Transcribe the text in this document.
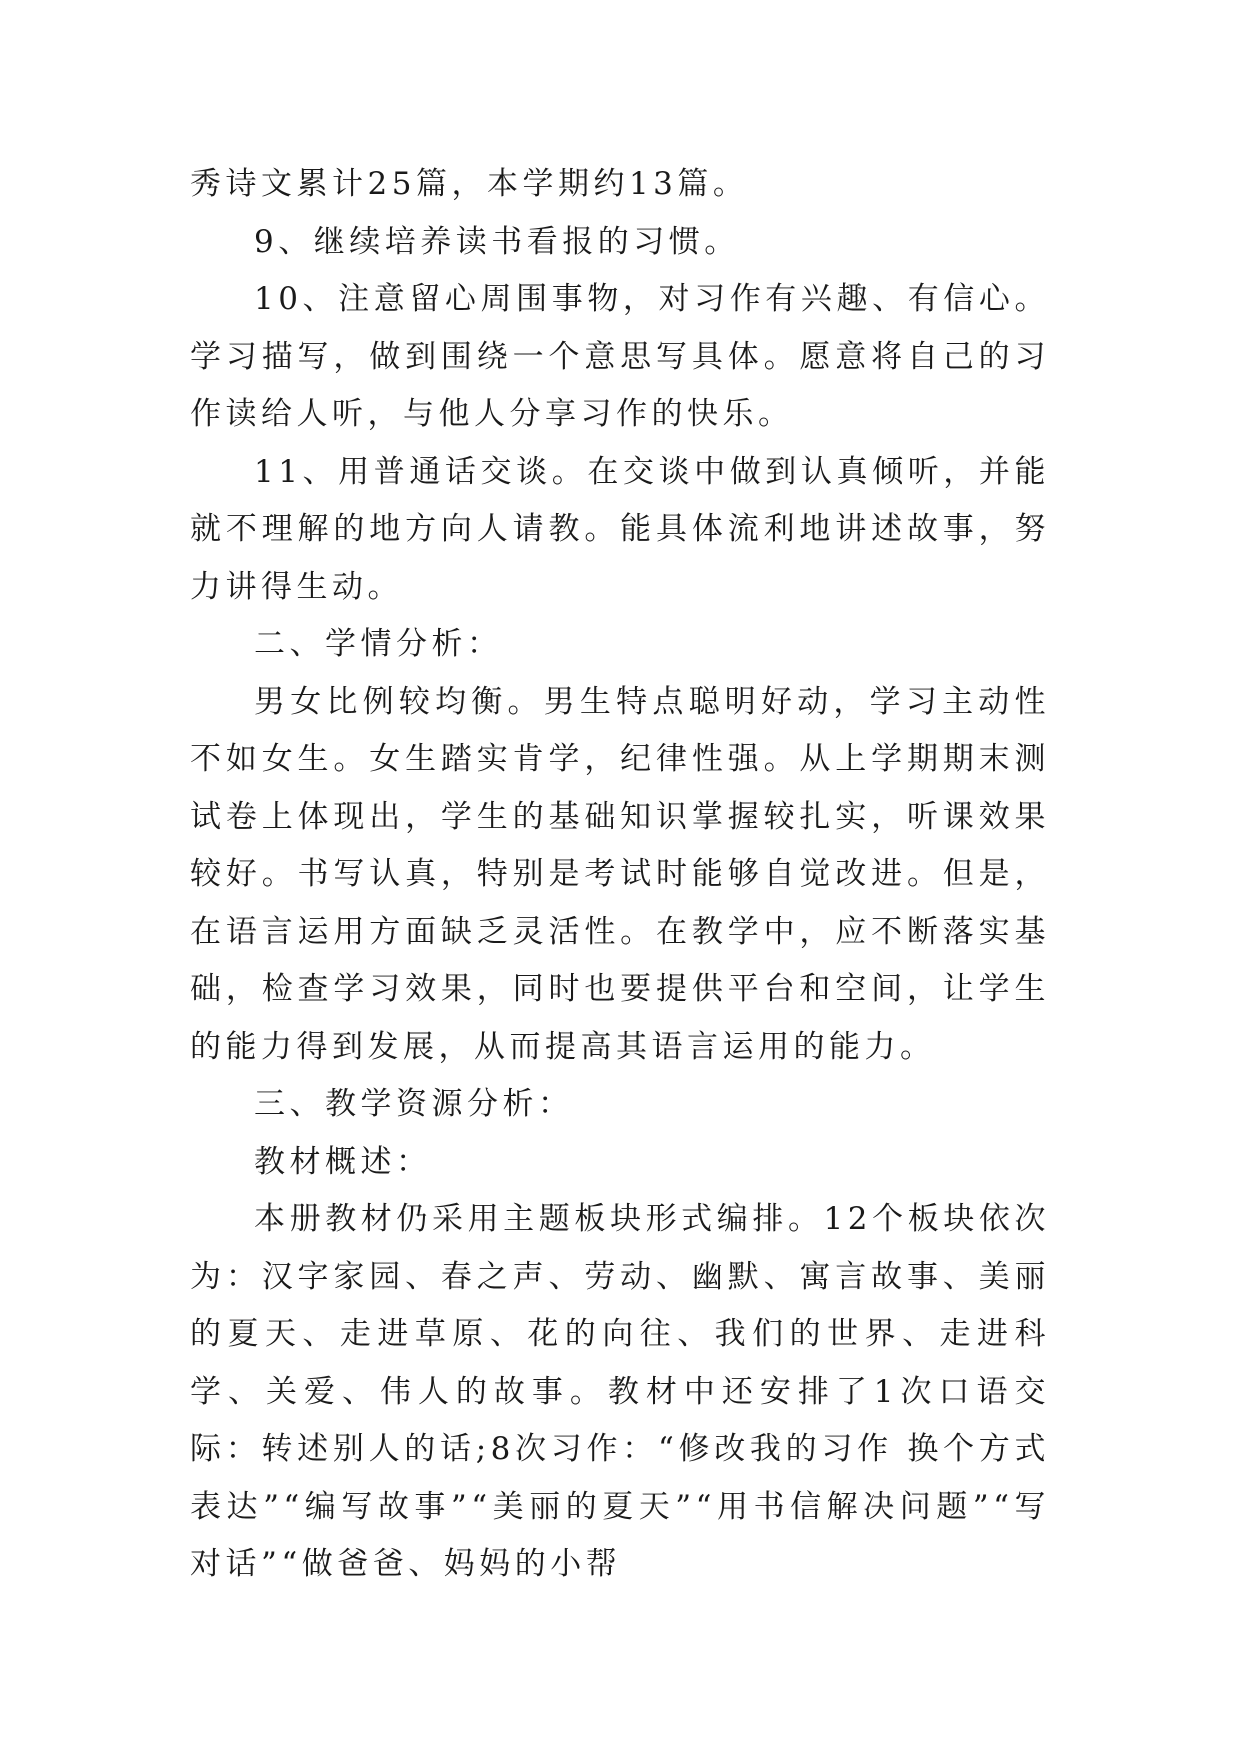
秀诗文累计25篇，本学期约13篇。

9、继续培养读书看报的习惯。

10、注意留心周围事物，对习作有兴趣、有信心。学习描写，做到围绕一个意思写具体。愿意将自己的习作读给人听，与他人分享习作的快乐。

11、用普通话交谈。在交谈中做到认真倾听，并能就不理解的地方向人请教。能具体流利地讲述故事，努力讲得生动。

二、学情分析：

男女比例较均衡。男生特点聪明好动，学习主动性不如女生。女生踏实肯学，纪律性强。从上学期期末测试卷上体现出，学生的基础知识掌握较扎实，听课效果较好。书写认真，特别是考试时能够自觉改进。但是，在语言运用方面缺乏灵活性。在教学中，应不断落实基础，检查学习效果，同时也要提供平台和空间，让学生的能力得到发展，从而提高其语言运用的能力。

三、教学资源分析：

教材概述：

本册教材仍采用主题板块形式编排。12个板块依次为：汉字家园、春之声、劳动、幽默、寓言故事、美丽的夏天、走进草原、花的向往、我们的世界、走进科学、关爱、伟人的故事。教材中还安排了1次口语交际：转述别人的话;8次习作：“修改我的习作 换个方式表达”“编写故事”“美丽的夏天”“用书信解决问题”“写对话”“做爸爸、妈妈的小帮
